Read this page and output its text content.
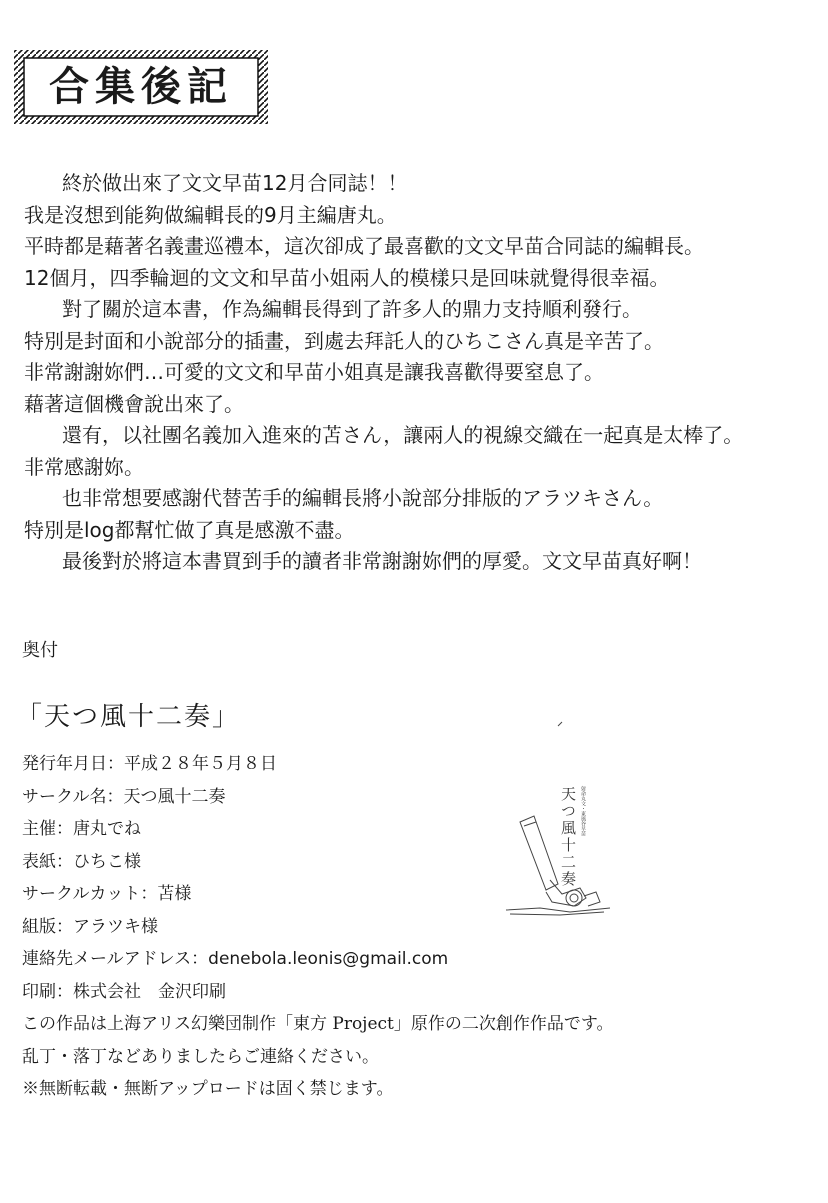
合集後記

終於做出來了文文早苗12月合同誌！！

我是沒想到能夠做編輯長的9月主編唐丸。

平時都是藉著名義畫巡禮本，這次卻成了最喜歡的文文早苗合同誌的編輯長。

12個月，四季輪迴的文文和早苗小姐兩人的模樣只是回味就覺得很幸福。

對了關於這本書，作為編輯長得到了許多人的鼎力支持順利發行。

特別是封面和小說部分的插畫，到處去拜託人的ひちこさん真是辛苦了。

非常謝謝妳們…可愛的文文和早苗小姐真是讓我喜歡得要窒息了。

藉著這個機會說出來了。

還有，以社團名義加入進來的苫さん，讓兩人的視線交織在一起真是太棒了。

非常感謝妳。

也非常想要感謝代替苦手的編輯長將小說部分排版的アラツキさん。

特別是log都幫忙做了真是感激不盡。

最後對於將這本書買到手的讀者非常謝謝妳們的厚愛。文文早苗真好啊！

奥付
「天つ風十二奏」
発行年月日：平成２８年５月８日
サークル名：天つ風十二奏
主催：唐丸でね
表紙：ひちこ様
サークルカット：苫様
組版：アラツキ様
連絡先メールアドレス：denebola.leonis@gmail.com
印刷：株式会社　金沢印刷
この作品は上海アリス幻樂団制作「東方 Project」原作の二次創作作品です。
乱丁・落丁などありましたらご連絡ください。
※無断転載・無断アップロードは固く禁じます。
天つ風十二奏 射命丸文・東風谷早苗
